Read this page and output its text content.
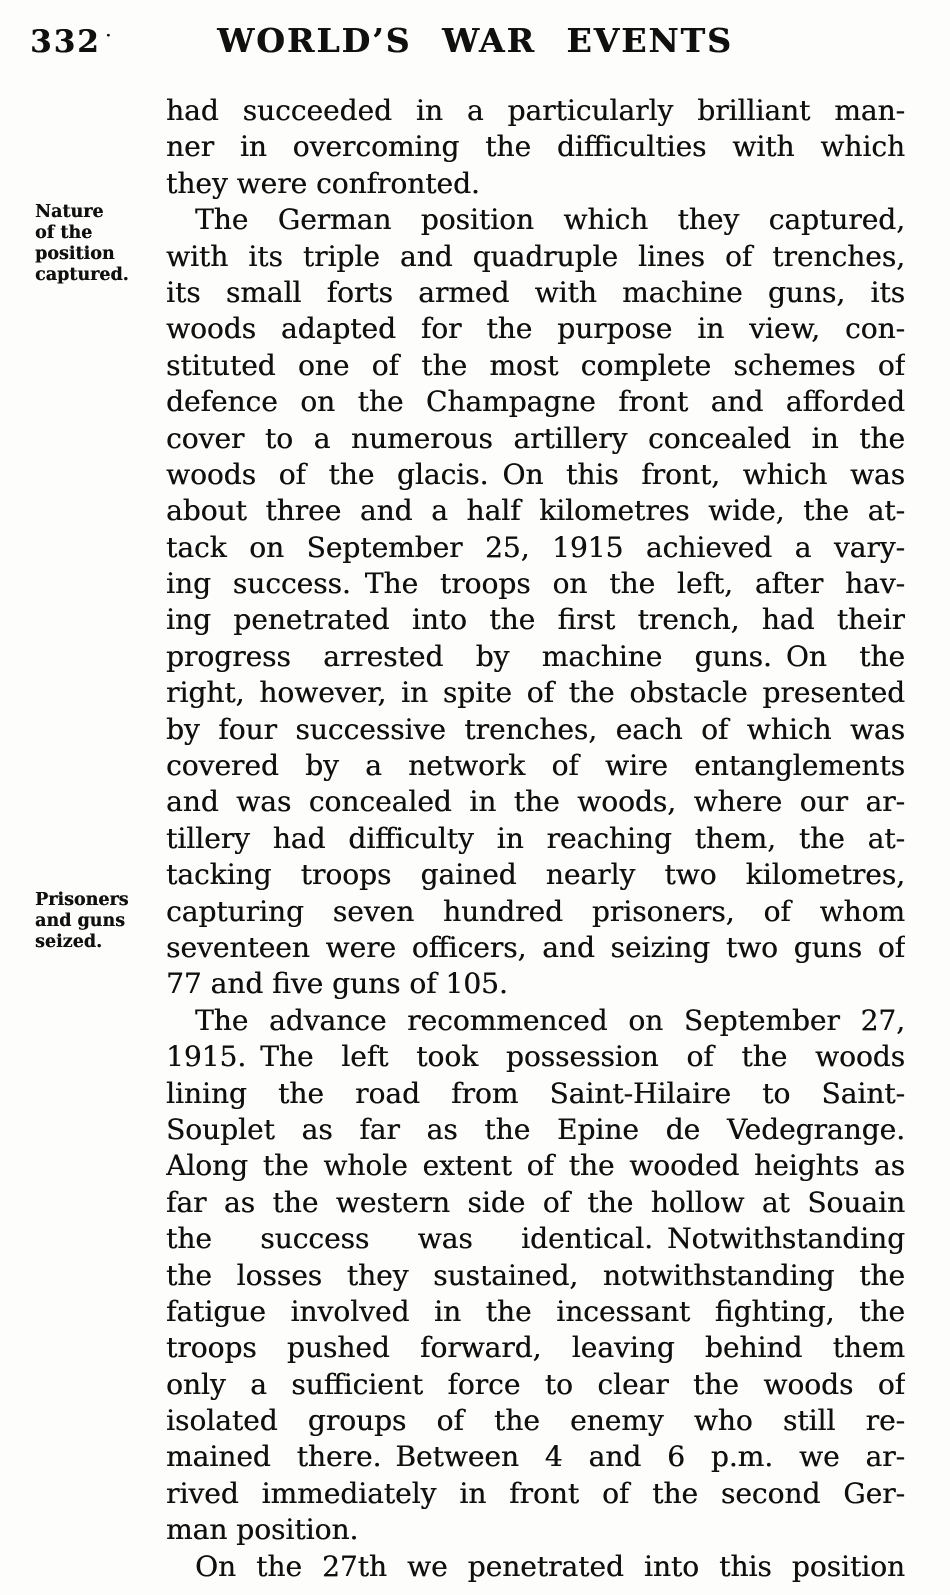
332 ·	WORLD’S WAR EVENTS
Nature
of the
position
captured.
Prisoners
and guns
seized.
had succeeded in a particularly brilliant man-
ner in overcoming the difficulties with which
they were confronted.
The German position which they captured,
with its triple and quadruple lines of trenches,
its small forts armed with machine guns, its
woods adapted for the purpose in view, con-
stituted one of the most complete schemes of
defence on the Champagne front and afforded
cover to a numerous artillery concealed in the
woods of the glacis. On this front, which was
about three and a half kilometres wide, the at-
tack on September 25, 1915 achieved a vary-
ing success. The troops on the left, after hav-
ing penetrated into the first trench, had their
progress arrested by machine guns. On the
right, however, in spite of the obstacle presented
by four successive trenches, each of which was
covered by a network of wire entanglements
and was concealed in the woods, where our ar-
tillery had difficulty in reaching them, the at-
tacking troops gained nearly two kilometres,
capturing seven hundred prisoners, of whom
seventeen were officers, and seizing two guns of
77 and five guns of 105.
The advance recommenced on September 27,
1915. The left took possession of the woods
lining the road from Saint-Hilaire to Saint-
Souplet as far as the Epine de Vedegrange.
Along the whole extent of the wooded heights as
far as the western side of the hollow at Souain
the success was identical. Notwithstanding
the losses they sustained, notwithstanding the
fatigue involved in the incessant fighting, the
troops pushed forward, leaving behind them
only a sufficient force to clear the woods of
isolated groups of the enemy who still re-
mained there. Between 4 and 6 p.m. we ar-
rived immediately in front of the second Ger-
man position.
On the 27th we penetrated into this position
